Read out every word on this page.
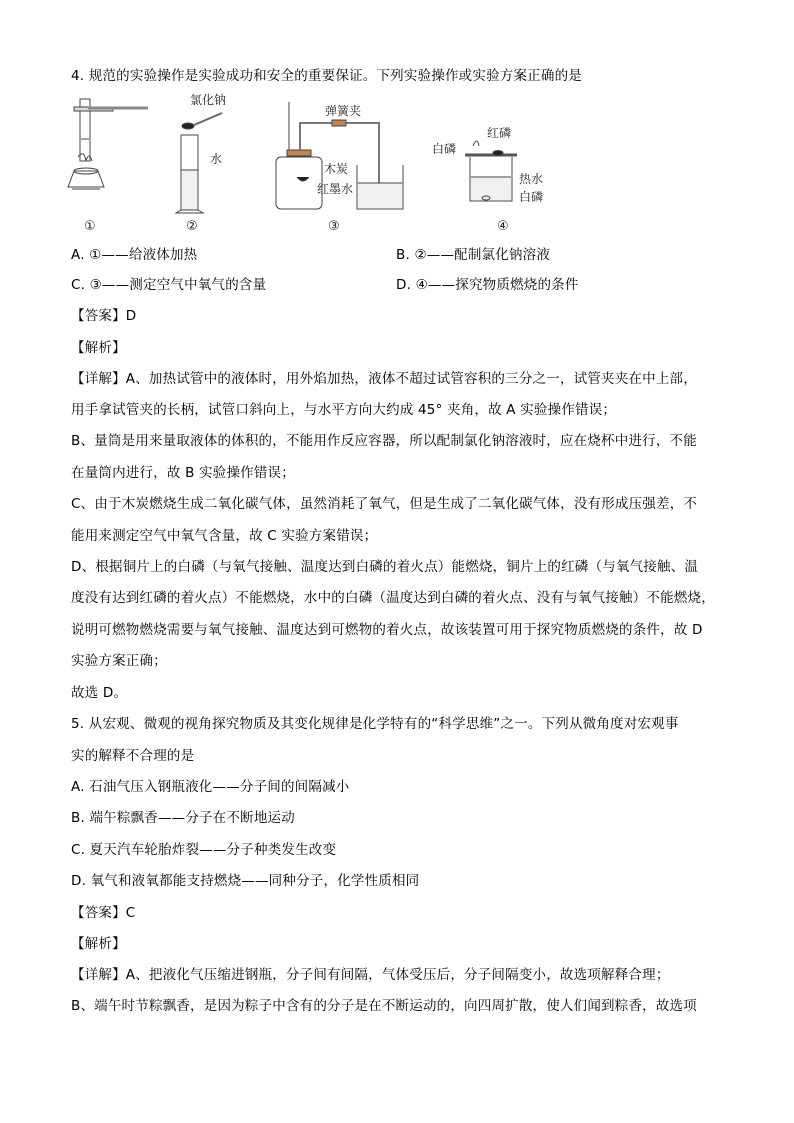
4. 规范的实验操作是实验成功和安全的重要保证。下列实验操作或实验方案正确的是
氯化钠
水
弹簧夹
木炭
红墨水
红磷
白磷
热水
白磷
①	②	③	④
A. ①——给液体加热	B. ②——配制氯化钠溶液
C. ③——测定空气中氧气的含量	D. ④——探究物质燃烧的条件
【答案】D
【解析】
【详解】A、加热试管中的液体时，用外焰加热，液体不超过试管容积的三分之一，试管夹夹在中上部，
用手拿试管夹的长柄，试管口斜向上，与水平方向大约成 45° 夹角，故 A 实验操作错误；
B、量筒是用来量取液体的体积的，不能用作反应容器，所以配制氯化钠溶液时，应在烧杯中进行，不能
在量筒内进行，故 B 实验操作错误；
C、由于木炭燃烧生成二氧化碳气体，虽然消耗了氧气，但是生成了二氧化碳气体，没有形成压强差，不
能用来测定空气中氧气含量，故 C 实验方案错误；
D、根据铜片上的白磷（与氧气接触、温度达到白磷的着火点）能燃烧，铜片上的红磷（与氧气接触、温
度没有达到红磷的着火点）不能燃烧，水中的白磷（温度达到白磷的着火点、没有与氧气接触）不能燃烧，
说明可燃物燃烧需要与氧气接触、温度达到可燃物的着火点，故该装置可用于探究物质燃烧的条件，故 D
实验方案正确；
故选 D。
5. 从宏观、微观的视角探究物质及其变化规律是化学特有的“科学思维”之一。下列从微角度对宏观事
实的解释不合理的是
A. 石油气压入钢瓶液化——分子间的间隔减小
B. 端午粽飘香——分子在不断地运动
C. 夏天汽车轮胎炸裂——分子种类发生改变
D. 氧气和液氧都能支持燃烧——同种分子，化学性质相同
【答案】C
【解析】
【详解】A、把液化气压缩进钢瓶，分子间有间隔，气体受压后，分子间隔变小，故选项解释合理；
B、端午时节粽飘香，是因为粽子中含有的分子是在不断运动的，向四周扩散，使人们闻到粽香，故选项
